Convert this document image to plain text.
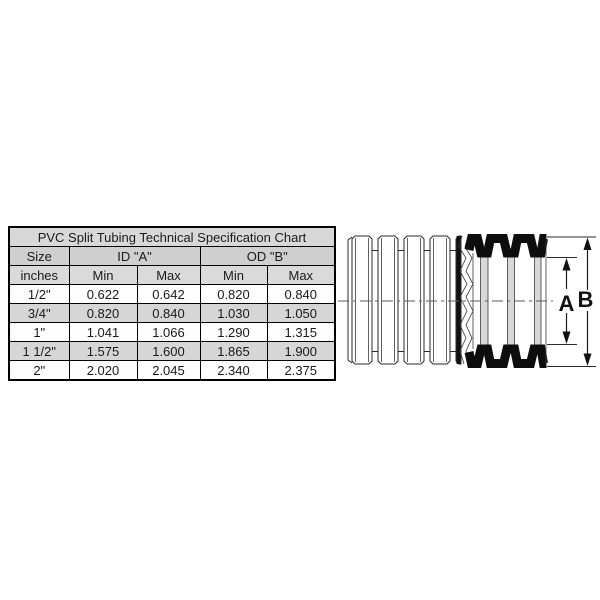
PVC Split Tubing Technical Specification Chart				
Size	ID "A"		OD "B"	
inches	Min	Max	Min	Max
1/2"	0.622	0.642	0.820	0.840
3/4"	0.820	0.840	1.030	1.050
1"	1.041	1.066	1.290	1.315
1 1/2"	1.575	1.600	1.865	1.900
2"	2.020	2.045	2.340	2.375
A B
